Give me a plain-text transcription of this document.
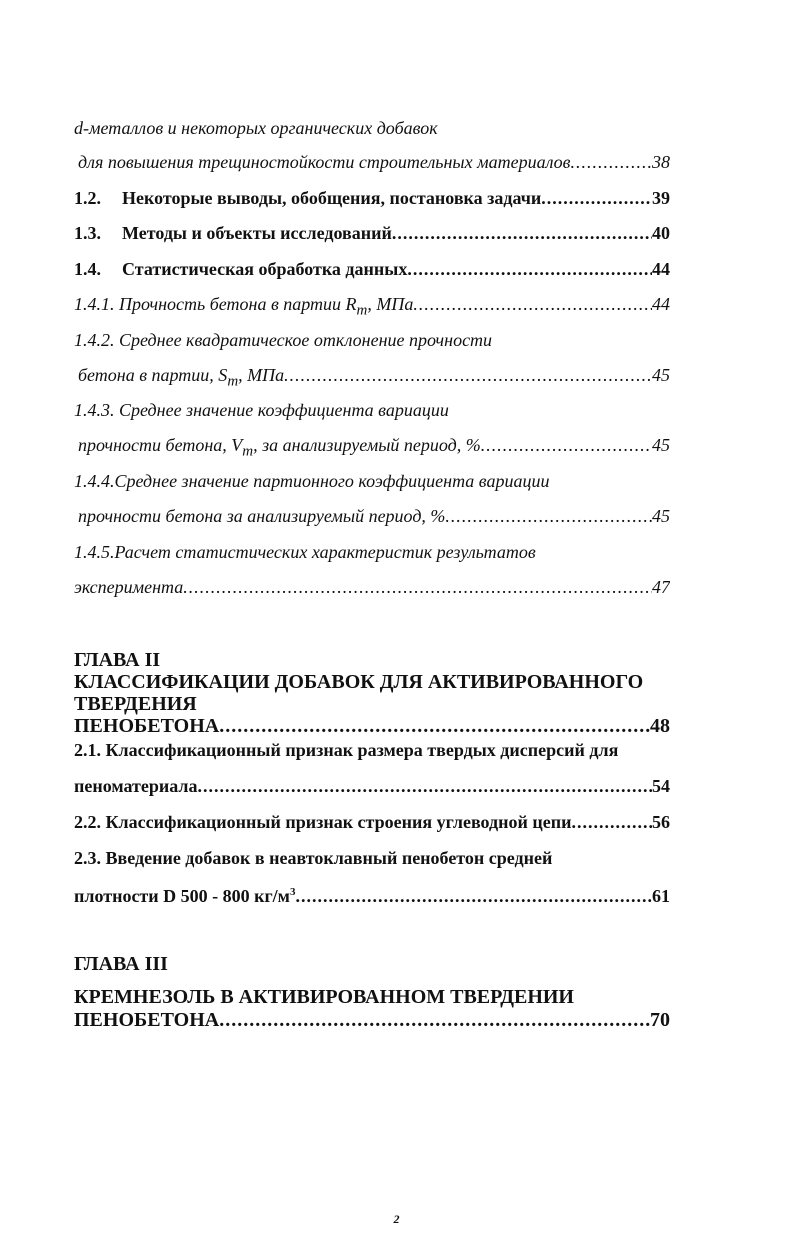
d-металлов и некоторых органических добавок
для повышения трещиностойкости строительных материалов .....	38
1.2. Некоторые выводы, обобщения, постановка задачи .....	39
1.3. Методы и объекты исследований .....	40
1.4. Статистическая обработка данных .....	44
1.4.1. Прочность бетона в партии $R_m$, МПа .....	44
1.4.2. Среднее квадратическое отклонение прочности
бетона в партии, $S_m$, МПа .....	45
1.4.3. Среднее значение коэффициента вариации
прочности бетона, $V_m$, за анализируемый период, % .....	45
1.4.4.Среднее значение партионного коэффициента вариации
прочности бетона за анализируемый период, % .....	45
1.4.5.Расчет статистических характеристик результатов
эксперимента .....	47
ГЛАВА II
КЛАССИФИКАЦИИ ДОБАВОК ДЛЯ АКТИВИРОВАННОГО
ТВЕРДЕНИЯ
ПЕНОБЕТОНА .....	48
2.1. Классификационный признак размера твердых дисперсий для
пеноматериала .....	54
2.2. Классификационный признак строения углеводной цепи .....	56
2.3. Введение добавок в неавтоклавный пенобетон средней
плотности D 500 - 800 $кг/м^3$ .....	61
ГЛАВА III
КРЕМНЕЗОЛЬ В АКТИВИРОВАННОМ ТВЕРДЕНИИ
ПЕНОБЕТОНА .....	70
2
